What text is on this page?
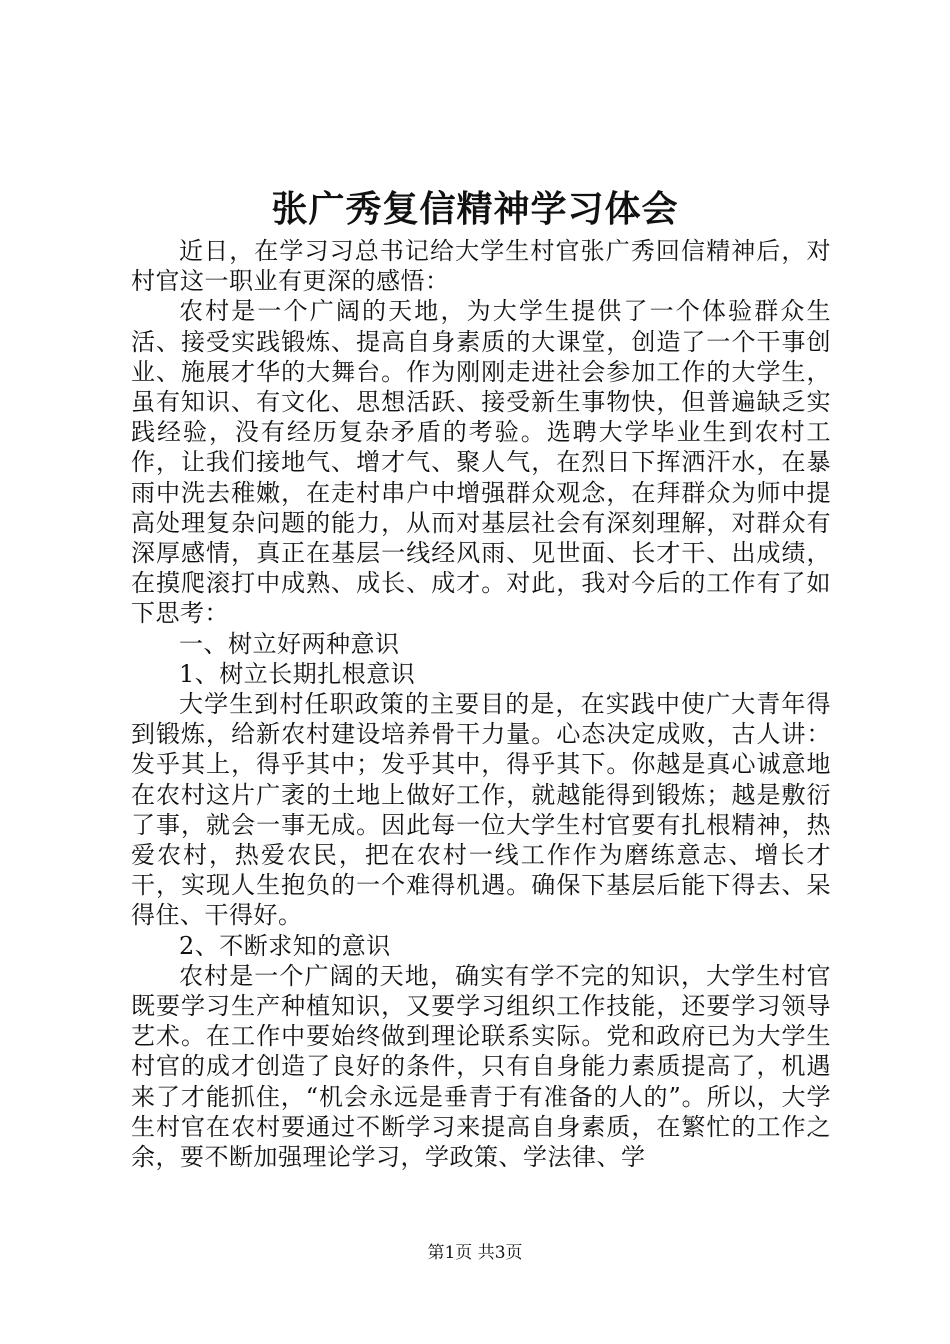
张广秀复信精神学习体会

近日，在学习习总书记给大学生村官张广秀回信精神后，对村官这一职业有更深的感悟：

农村是一个广阔的天地，为大学生提供了一个体验群众生活、接受实践锻炼、提高自身素质的大课堂，创造了一个干事创业、施展才华的大舞台。作为刚刚走进社会参加工作的大学生，虽有知识、有文化、思想活跃、接受新生事物快，但普遍缺乏实践经验，没有经历复杂矛盾的考验。选聘大学毕业生到农村工作，让我们接地气、增才气、聚人气，在烈日下挥洒汗水，在暴雨中洗去稚嫩，在走村串户中增强群众观念，在拜群众为师中提高处理复杂问题的能力，从而对基层社会有深刻理解，对群众有深厚感情，真正在基层一线经风雨、见世面、长才干、出成绩，在摸爬滚打中成熟、成长、成才。对此，我对今后的工作有了如下思考：

一、树立好两种意识

1、树立长期扎根意识

大学生到村任职政策的主要目的是，在实践中使广大青年得到锻炼，给新农村建设培养骨干力量。心态决定成败，古人讲：发乎其上，得乎其中；发乎其中，得乎其下。你越是真心诚意地在农村这片广袤的土地上做好工作，就越能得到锻炼；越是敷衍了事，就会一事无成。因此每一位大学生村官要有扎根精神，热爱农村，热爱农民，把在农村一线工作作为磨练意志、增长才干，实现人生抱负的一个难得机遇。确保下基层后能下得去、呆得住、干得好。

2、不断求知的意识

农村是一个广阔的天地，确实有学不完的知识，大学生村官既要学习生产种植知识，又要学习组织工作技能，还要学习领导艺术。在工作中要始终做到理论联系实际。党和政府已为大学生村官的成才创造了良好的条件，只有自身能力素质提高了，机遇来了才能抓住，“机会永远是垂青于有准备的人的”。所以，大学生村官在农村要通过不断学习来提高自身素质，在繁忙的工作之余，要不断加强理论学习，学政策、学法律、学

第1页 共3页
